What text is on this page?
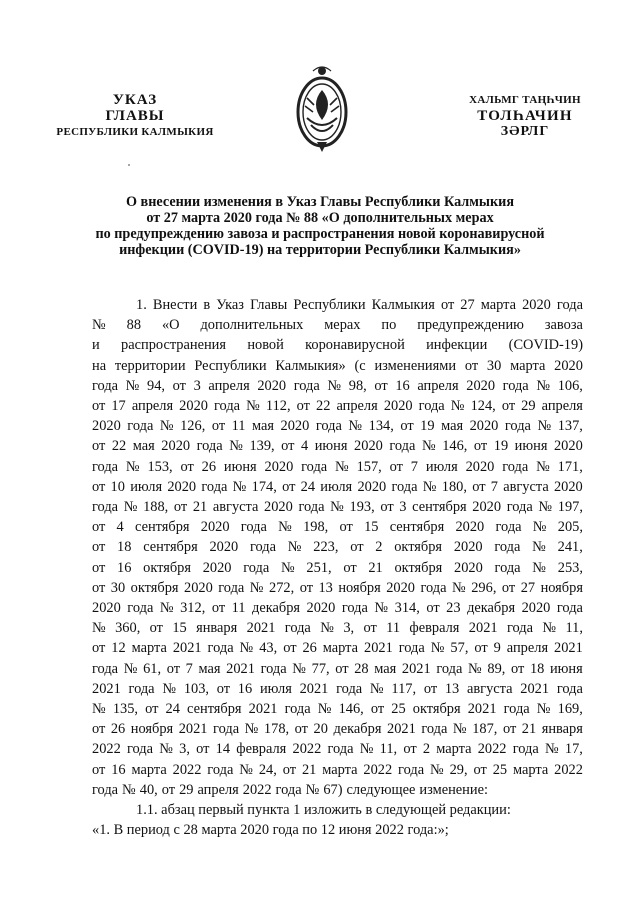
УКАЗ
ГЛАВЫ
РЕСПУБЛИКИ КАЛМЫКИЯ
ХАЛЬМГ ТАҢҺЧИН
ТОЛҺАЧИН
ЗӘРЛГ
О внесении изменения в Указ Главы Республики Калмыкия
от 27 марта 2020 года № 88 «О дополнительных мерах
по предупреждению завоза и распространения новой коронавирусной
инфекции (COVID-19) на территории Республики Калмыкия»
1. Внести в Указ Главы Республики Калмыкия от 27 марта 2020 года
№ 88 «О дополнительных мерах по предупреждению завоза
и распространения новой коронавирусной инфекции (COVID-19)
на территории Республики Калмыкия» (с изменениями от 30 марта 2020
года № 94, от 3 апреля 2020 года № 98, от 16 апреля 2020 года № 106,
от 17 апреля 2020 года № 112, от 22 апреля 2020 года № 124, от 29 апреля
2020 года № 126, от 11 мая 2020 года № 134, от 19 мая 2020 года № 137,
от 22 мая 2020 года № 139, от 4 июня 2020 года № 146, от 19 июня 2020
года № 153, от 26 июня 2020 года № 157, от 7 июля 2020 года № 171,
от 10 июля 2020 года № 174, от 24 июля 2020 года № 180, от 7 августа 2020
года № 188, от 21 августа 2020 года № 193, от 3 сентября 2020 года № 197,
от 4 сентября 2020 года № 198, от 15 сентября 2020 года № 205,
от 18 сентября 2020 года № 223, от 2 октября 2020 года № 241,
от 16 октября 2020 года № 251, от 21 октября 2020 года № 253,
от 30 октября 2020 года № 272, от 13 ноября 2020 года № 296, от 27 ноября
2020 года № 312, от 11 декабря 2020 года № 314, от 23 декабря 2020 года
№ 360, от 15 января 2021 года № 3, от 11 февраля 2021 года № 11,
от 12 марта 2021 года № 43, от 26 марта 2021 года № 57, от 9 апреля 2021
года № 61, от 7 мая 2021 года № 77, от 28 мая 2021 года № 89, от 18 июня
2021 года № 103, от 16 июля 2021 года № 117, от 13 августа 2021 года
№ 135, от 24 сентября 2021 года № 146, от 25 октября 2021 года № 169,
от 26 ноября 2021 года № 178, от 20 декабря 2021 года № 187, от 21 января
2022 года № 3, от 14 февраля 2022 года № 11, от 2 марта 2022 года № 17,
от 16 марта 2022 года № 24, от 21 марта 2022 года № 29, от 25 марта 2022
года № 40, от 29 апреля 2022 года № 67) следующее изменение:
1.1. абзац первый пункта 1 изложить в следующей редакции:
«1. В период с 28 марта 2020 года по 12 июня 2022 года:»;
